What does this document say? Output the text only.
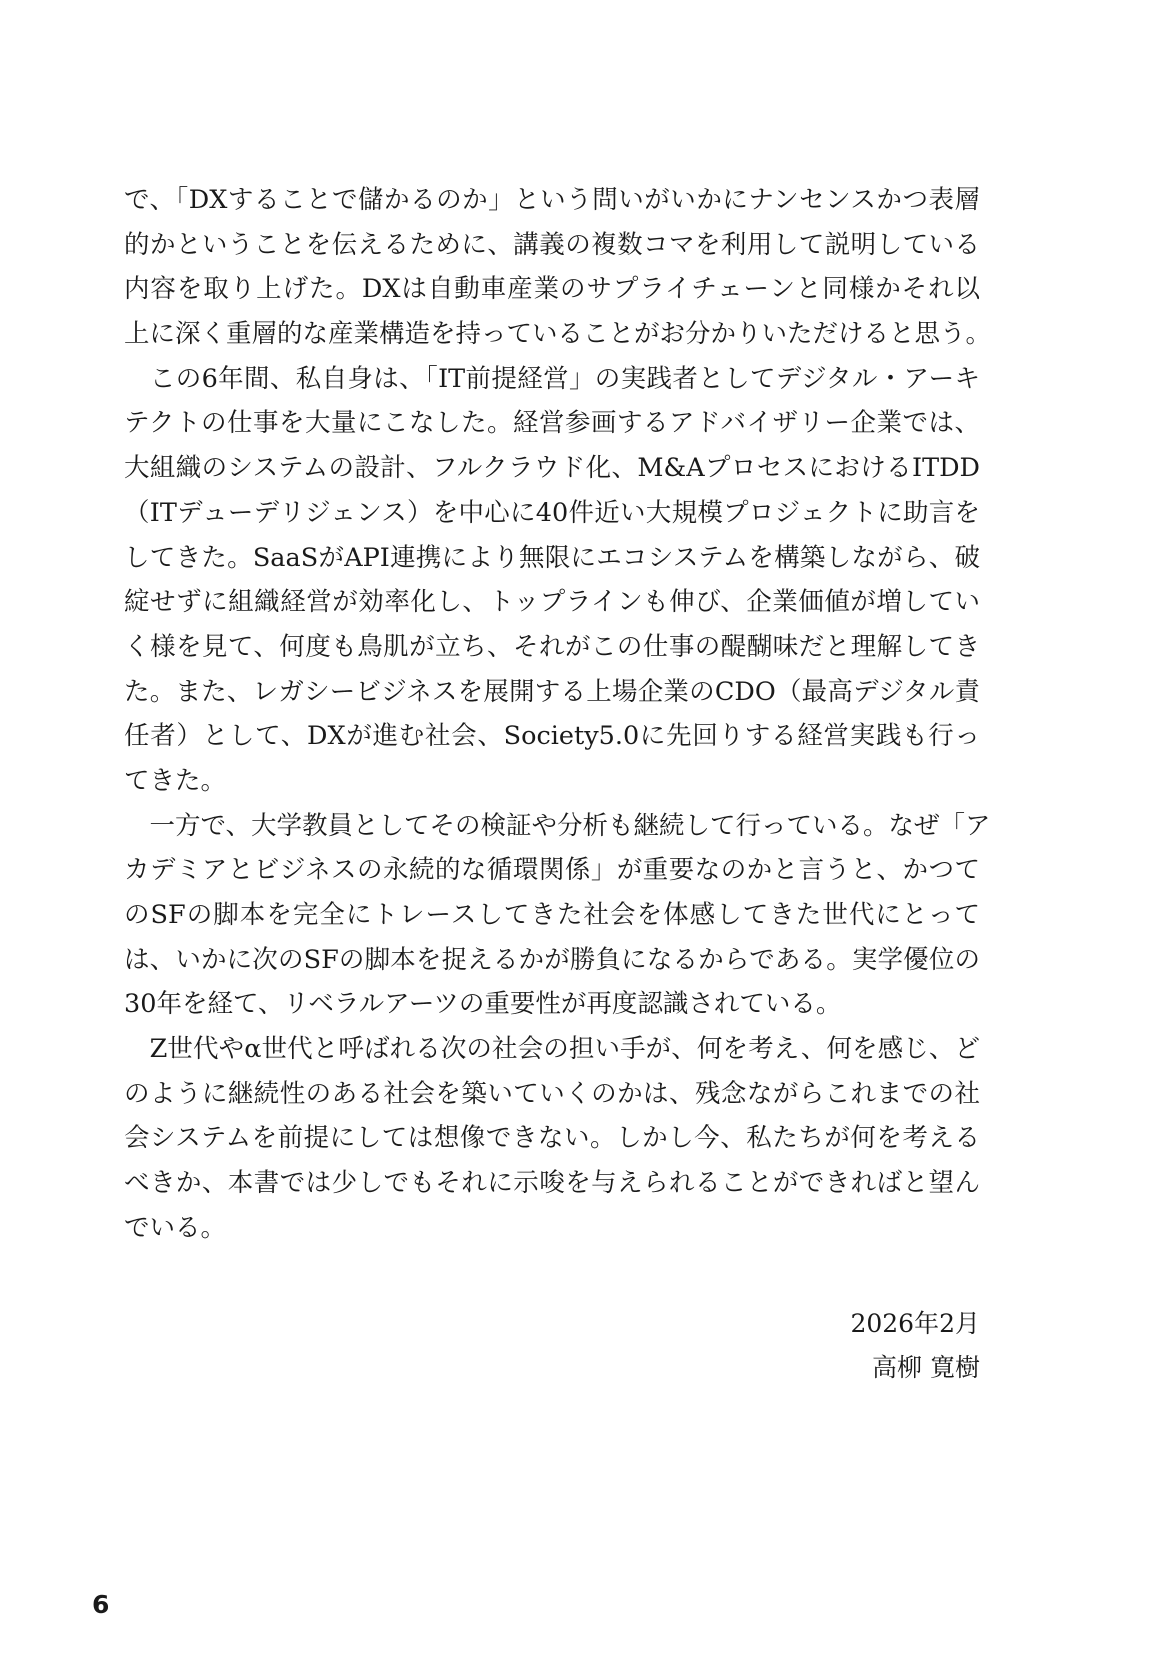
で、「DXすることで儲かるのか」という問いがいかにナンセンスかつ表層
的かということを伝えるために、講義の複数コマを利用して説明している
内容を取り上げた。DXは自動車産業のサプライチェーンと同様かそれ以
上に深く重層的な産業構造を持っていることがお分かりいただけると思う。
　この6年間、私自身は、「IT前提経営」の実践者としてデジタル・アーキ
テクトの仕事を大量にこなした。経営参画するアドバイザリー企業では、
大組織のシステムの設計、フルクラウド化、M&AプロセスにおけるITDD
（ITデューデリジェンス）を中心に40件近い大規模プロジェクトに助言を
してきた。SaaSがAPI連携により無限にエコシステムを構築しながら、破
綻せずに組織経営が効率化し、トップラインも伸び、企業価値が増してい
く様を見て、何度も鳥肌が立ち、それがこの仕事の醍醐味だと理解してき
た。また、レガシービジネスを展開する上場企業のCDO（最高デジタル責
任者）として、DXが進む社会、Society5.0に先回りする経営実践も行っ
てきた。
　一方で、大学教員としてその検証や分析も継続して行っている。なぜ「ア
カデミアとビジネスの永続的な循環関係」が重要なのかと言うと、かつて
のSFの脚本を完全にトレースしてきた社会を体感してきた世代にとって
は、いかに次のSFの脚本を捉えるかが勝負になるからである。実学優位の
30年を経て、リベラルアーツの重要性が再度認識されている。
　Z世代やα世代と呼ばれる次の社会の担い手が、何を考え、何を感じ、ど
のように継続性のある社会を築いていくのかは、残念ながらこれまでの社
会システムを前提にしては想像できない。しかし今、私たちが何を考える
べきか、本書では少しでもそれに示唆を与えられることができればと望ん
でいる。
2026年2月
高柳 寛樹
6
